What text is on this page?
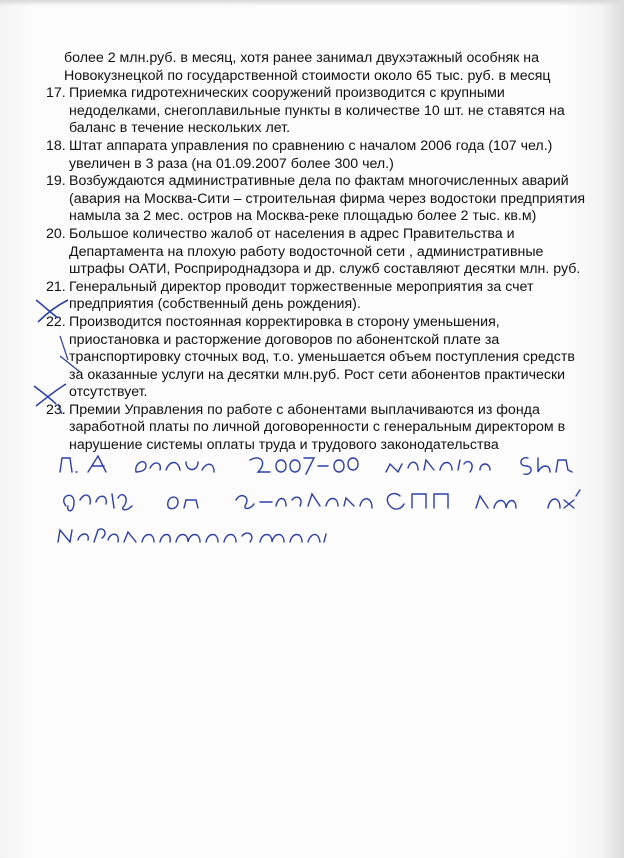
более 2 млн.руб. в месяц, хотя ранее занимал двухэтажный особняк на
Новокузнецкой по государственной стоимости около 65 тыс. руб. в месяц
17. Приемка гидротехнических сооружений производится с крупными
недоделками, снегоплавильные пункты в количестве 10 шт. не ставятся на
баланс в течение нескольких лет.
18. Штат аппарата управления по сравнению с началом 2006 года (107 чел.)
увеличен в 3 раза (на 01.09.2007 более 300 чел.)
19. Возбуждаются административные дела по фактам многочисленных аварий
(авария на Москва-Сити – строительная фирма через водостоки предприятия
намыла за 2 мес. остров на Москва-реке площадью более 2 тыс. кв.м)
20. Большое количество жалоб от населения в адрес Правительства и
Департамента на плохую работу водосточной сети , административные
штрафы ОАТИ, Росприроднадзора и др. служб составляют десятки млн. руб.
21. Генеральный директор проводит торжественные мероприятия за счет
предприятия (собственный день рождения).
22. Производится постоянная корректировка в сторону уменьшения,
приостановка и расторжение договоров по абонентской плате за
транспортировку сточных вод, т.о. уменьшается объем поступления средств
за оказанные услуги на десятки млн.руб. Рост сети абонентов практически
отсутствует.
23. Премии Управления по работе с абонентами выплачиваются из фонда
заработной платы по личной договоренности с генеральным директором в
нарушение системы оплаты труда и трудового законодательства
